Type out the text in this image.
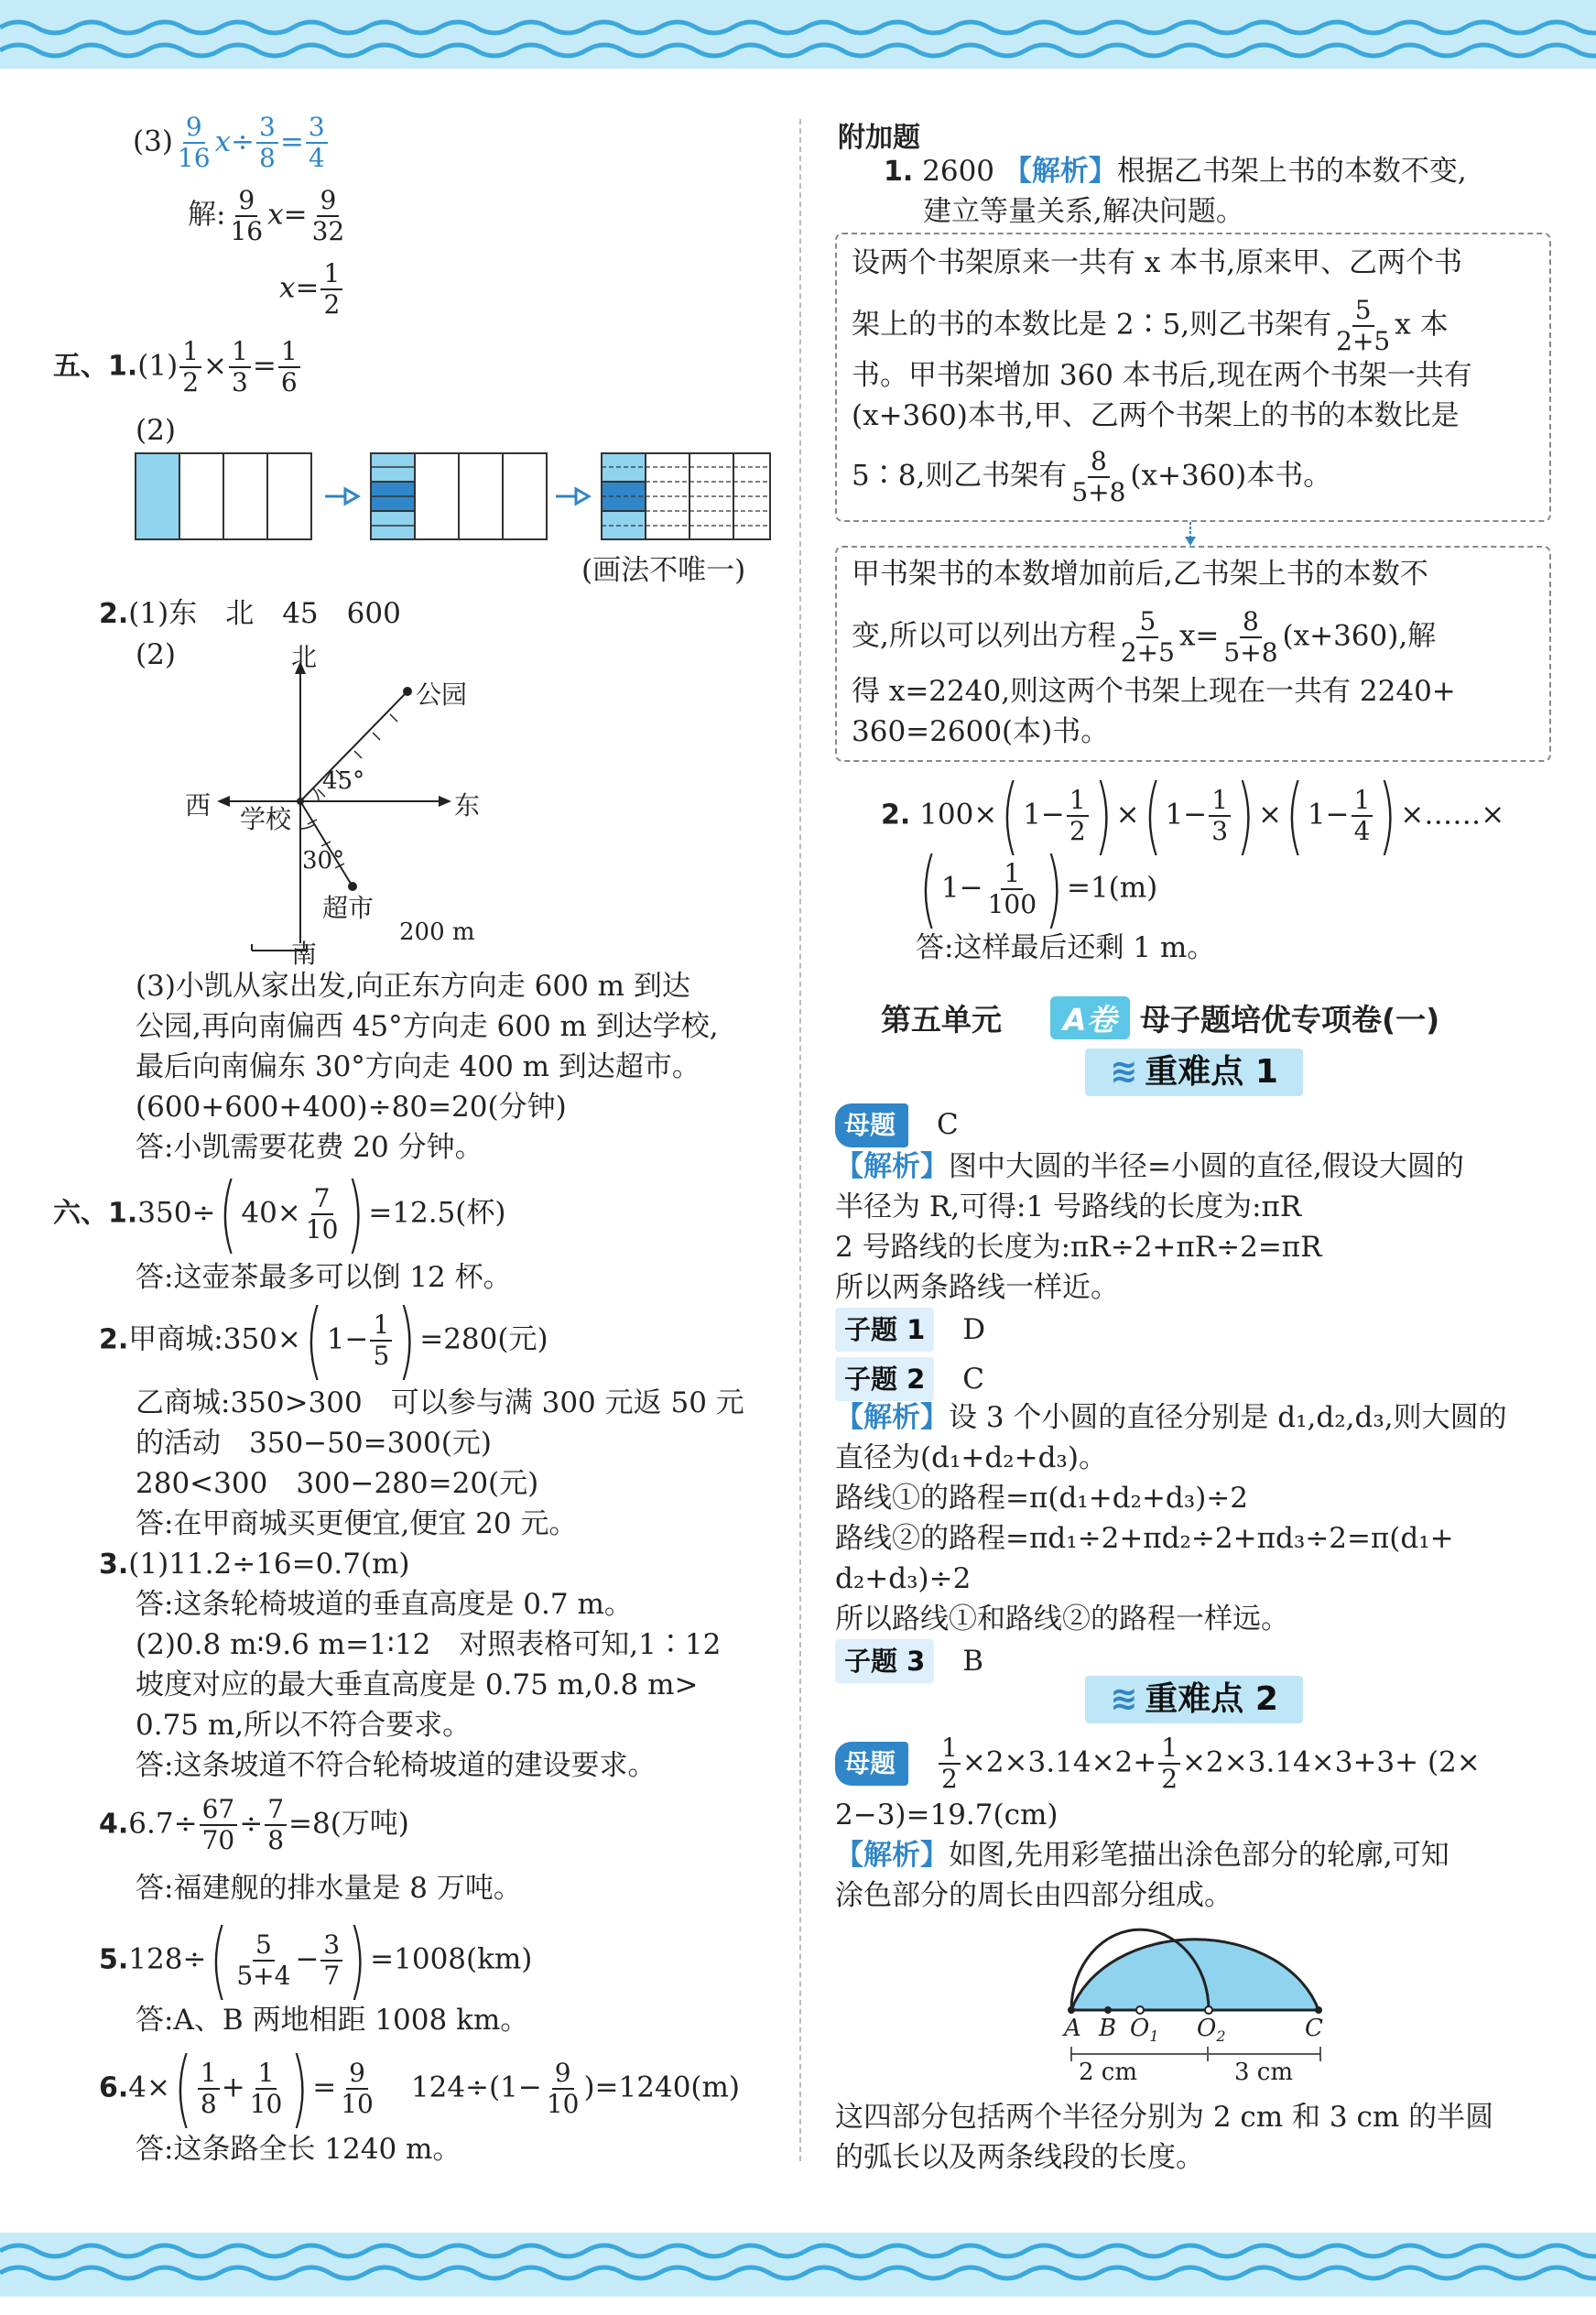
$(3) \frac{9}{16} x\div \frac{3}{8} = \frac{3}{4}$
解: $\frac{9}{16} x= \frac{9}{32}$
$x= \frac{1}{2}$
五、$1.(1) \frac{1}{2} \times \frac{1}{3} = \frac{1}{6}$
(2)
(画法不唯一)
2.(1)东　北　45　600
(2)	北
南
东
西 学校
公园
超市
45°
30°
200 m
(3)小凯从家出发,向正东方向走 600 m 到达
公园,再向南偏西 45°方向走 600 m 到达学校,
最后向南偏东 30°方向走 400 m 到达超市。
(600+600+400)÷80=20(分钟)
答:小凯需要花费 20 分钟。
六、1.350÷( $40\times \frac{7}{10}$ ) =12.5(杯)
答:这壶茶最多可以倒 12 杯。
2.甲商城:350×( $1- \frac{1}{5}$ ) =280(元)
乙商城:350>300　可以参与满 300 元返 50 元
的活动　350−50=300(元)
280<300　300−280=20(元)
答:在甲商城买更便宜,便宜 20 元。
3.(1)11.2÷16=0.7(m)
答:这条轮椅坡道的垂直高度是 0.7 m。
(2)0.8 m∶9.6 m=1∶12　对照表格可知,1∶12
坡度对应的最大垂直高度是 0.75 m,0.8 m>
0.75 m,所以不符合要求。
答:这条坡道不符合轮椅坡道的建设要求。
$4.6.7\div \frac{67}{70} \div \frac{7}{8} =8$(万吨)
答:福建舰的排水量是 8 万吨。
$5.128\div( \frac{5}{5+4} - \frac{3}{7}$ ) =1008(km)
答:A、B 两地相距 1008 km。
$6.4\times( \frac{1}{8} + \frac{1}{10}$ ) = $\frac{9}{10} 124\div(1- \frac{9}{10} )=1240(m)$
答:这条路全长 1240 m。
附加题
1. 2600 【解析】根据乙书架上书的本数不变,
建立等量关系,解决问题。
设两个书架原来一共有 x 本书,原来甲、乙两个书
架上的书的本数比是 2∶5,则乙书架有 $\frac{5}{2+5}$ x 本
书。甲书架增加 360 本书后,现在两个书架一共有
(x+360)本书,甲、乙两个书架上的书的本数比是
5∶8,则乙书架有 $\frac{8}{5+8} (x+360)$本书。
甲书架书的本数增加前后,乙书架上书的本数不
变,所以可以列出方程 $\frac{5}{2+5} x= \frac{8}{5+8} (x+360)$,解
得 x=2240,则这两个书架上现在一共有 2240+
360=2600(本)书。
2. 100×( $1- \frac{1}{2}$ ) ×( $1- \frac{1}{3}$ ) ×( $1- \frac{1}{4}$ ) ×……×
( $1- \frac{1}{100}$ ) =1(m)
答:这样最后还剩 1 m。
第五单元 A卷 母子题培优专项卷(一)
≋ 重难点 1
母题　 C
【解析】图中大圆的半径=小圆的直径,假设大圆的
半径为 R,可得:1 号路线的长度为:πR
2 号路线的长度为:πR÷2+πR÷2=πR
所以两条路线一样近。
子题 1　 D
子题 2　 C
【解析】设 3 个小圆的直径分别是 d₁,d₂,d₃,则大圆的
直径为(d₁+d₂+d₃)。
路线①的路程=π(d₁+d₂+d₃)÷2
路线②的路程=πd₁÷2+πd₂÷2+πd₃÷2=π(d₁+
d₂+d₃)÷2
所以路线①和路线②的路程一样远。
子题 3　 B
≋ 重难点 2
母题　 $\frac{1}{2} \times 2\times 3.14\times 2+ \frac{1}{2} \times 2\times 3.14\times 3+3+ (2\times$
2−3)=19.7(cm)
【解析】如图,先用彩笔描出涂色部分的轮廓,可知
涂色部分的周长由四部分组成。
A B $O_1$ $O_2$	C
2 cm	3 cm
这四部分包括两个半径分别为 2 cm 和 3 cm 的半圆
的弧长以及两条线段的长度。
